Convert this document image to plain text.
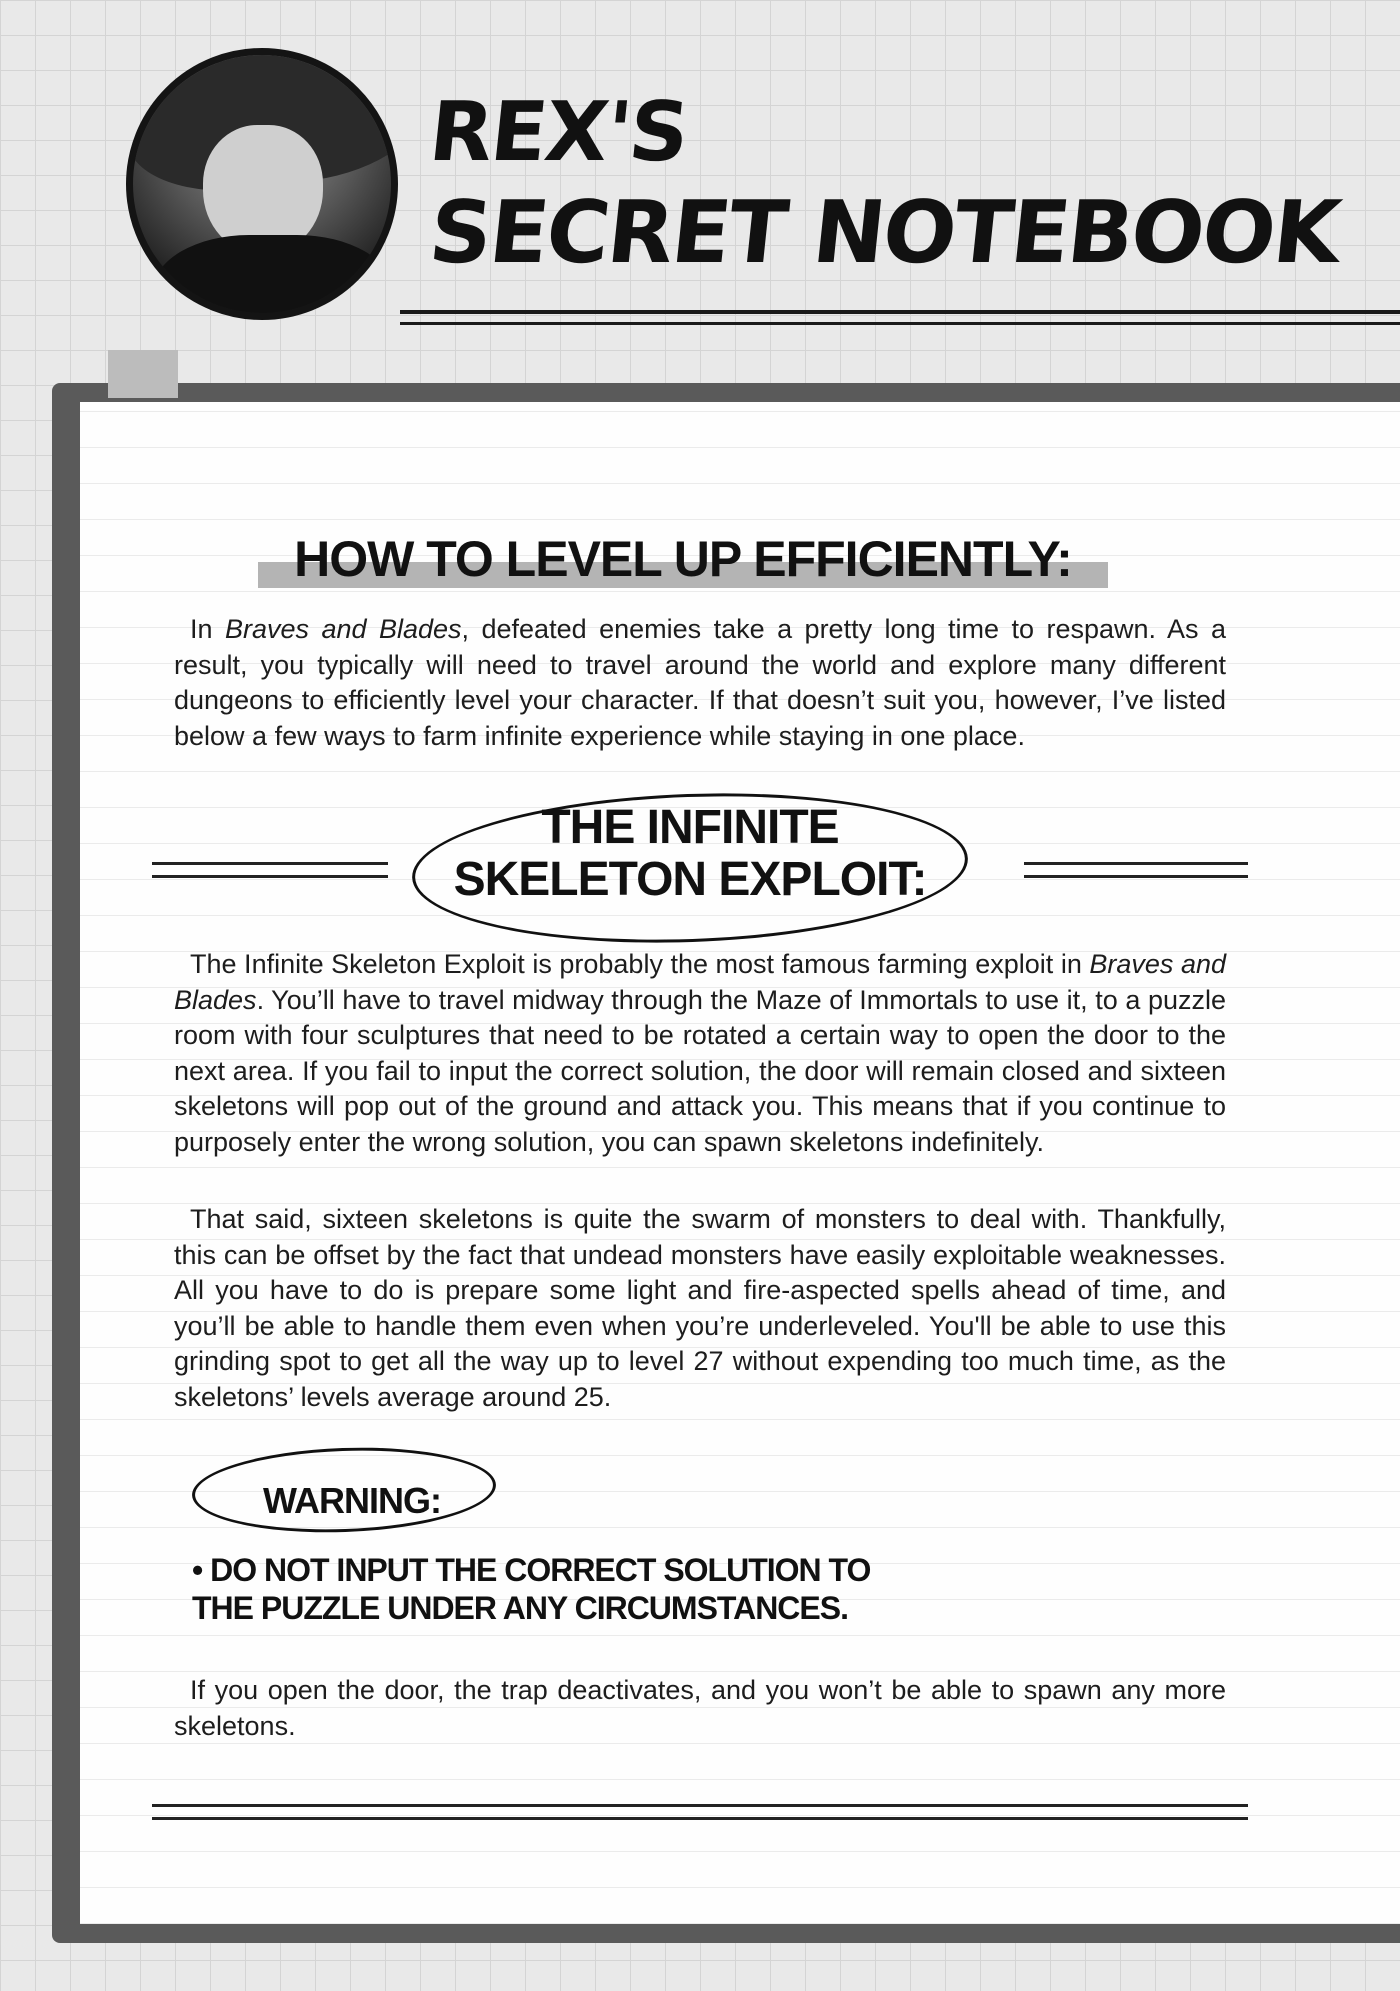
REX'S
SECRET NOTEBOOK
HOW TO LEVEL UP EFFICIENTLY:

In Braves and Blades, defeated enemies take a pretty long time to respawn. As a result, you typically will need to travel around the world and explore many different dungeons to efficiently level your character. If that doesn’t suit you, however, I’ve listed below a few ways to farm infinite experience while staying in one place.

THE INFINITE
SKELETON EXPLOIT:

The Infinite Skeleton Exploit is probably the most famous farming exploit in Braves and Blades. You’ll have to travel midway through the Maze of Immortals to use it, to a puzzle room with four sculptures that need to be rotated a certain way to open the door to the next area. If you fail to input the correct solution, the door will remain closed and sixteen skeletons will pop out of the ground and attack you. This means that if you continue to purposely enter the wrong solution, you can spawn skeletons indefinitely.

That said, sixteen skeletons is quite the swarm of monsters to deal with. Thankfully, this can be offset by the fact that undead monsters have easily exploitable weaknesses. All you have to do is prepare some light and fire-aspected spells ahead of time, and you’ll be able to handle them even when you’re underleveled. You'll be able to use this grinding spot to get all the way up to level 27 without expending too much time, as the skeletons’ levels average around 25.

WARNING:
• DO NOT INPUT THE CORRECT SOLUTION TO
THE PUZZLE UNDER ANY CIRCUMSTANCES.

If you open the door, the trap deactivates, and you won’t be able to spawn any more skeletons.
